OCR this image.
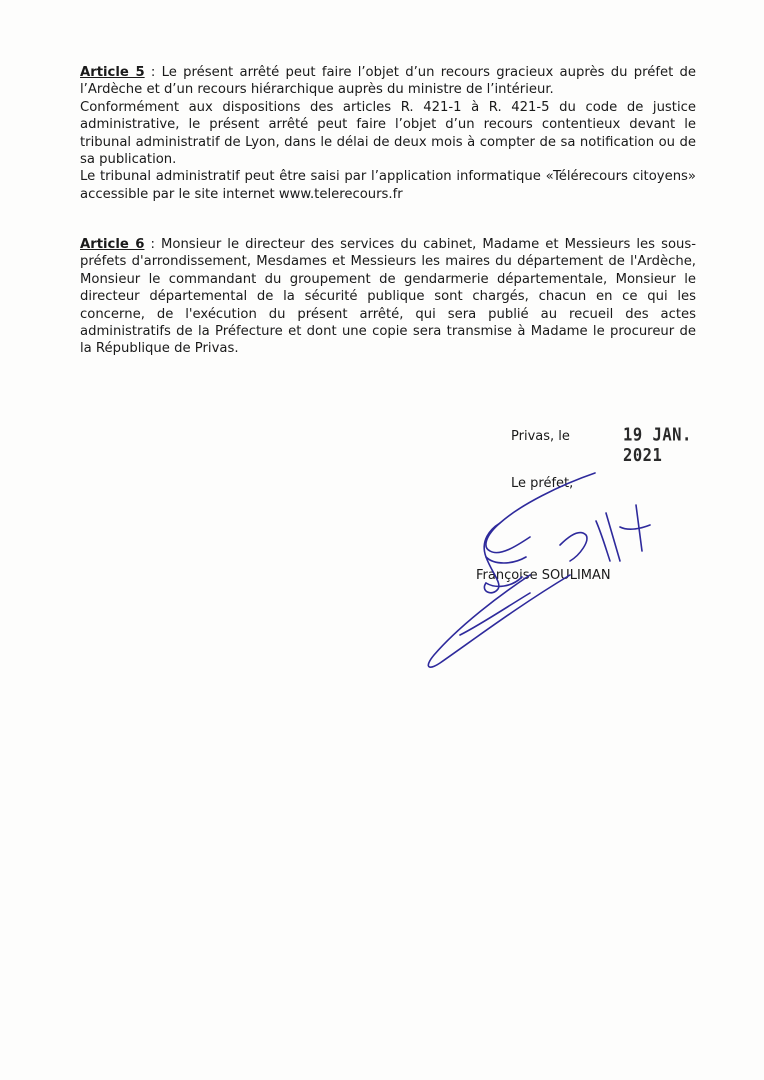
Article 5 : Le présent arrêté peut faire l’objet d’un recours gracieux auprès du préfet de l’Ardèche et d’un recours hiérarchique auprès du ministre de l’intérieur.

Conformément aux dispositions des articles R. 421-1 à R. 421-5 du code de justice administrative, le présent arrêté peut faire l’objet d’un recours contentieux devant le tribunal administratif de Lyon, dans le délai de deux mois à compter de sa notification ou de sa publication.

Le tribunal administratif peut être saisi par l’application informatique «Télérecours citoyens» accessible par le site internet www.telerecours.fr

Article 6 : Monsieur le directeur des services du cabinet, Madame et Messieurs les sous-préfets d'arrondissement, Mesdames et Messieurs les maires du département de l'Ardèche, Monsieur le commandant du groupement de gendarmerie départementale, Monsieur le directeur départemental de la sécurité publique sont chargés, chacun en ce qui les concerne, de l'exécution du présent arrêté, qui sera publié au recueil des actes administratifs de la Préfecture et dont une copie sera transmise à Madame le procureur de la République de Privas.

Privas, le	19 JAN. 2021
Le préfet,
Françoise SOULIMAN
